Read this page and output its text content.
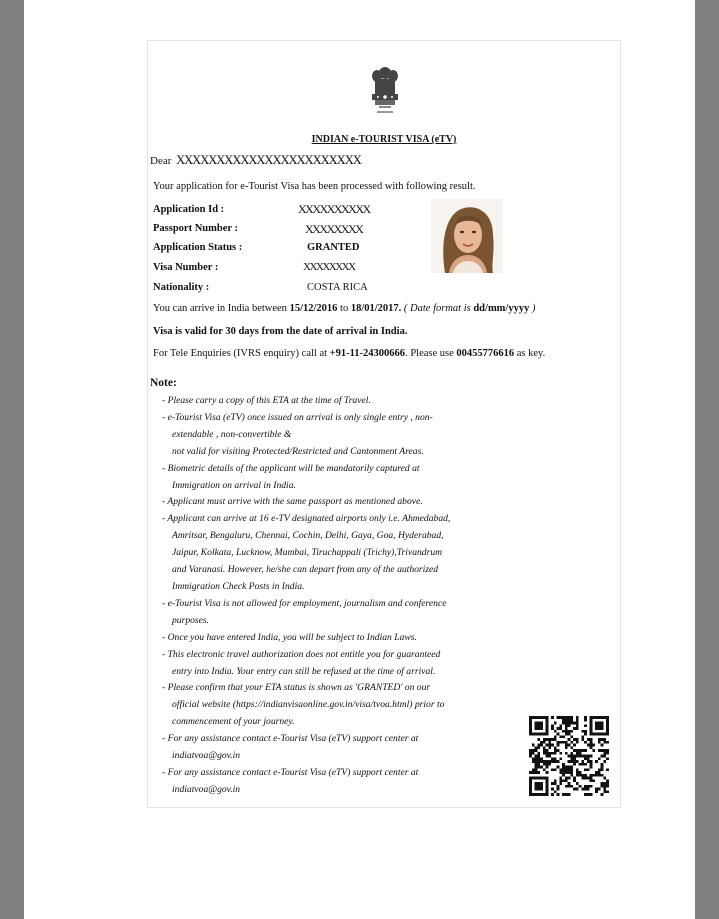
INDIAN e-TOURIST VISA (eTV)
Dear XXXXXXXXXXXXXXXXXXXXXXX
Your application for e-Tourist Visa has been processed with following result.
Application Id :	XXXXXXXXXX
Passport Number :	XXXXXXXX
Application Status :	GRANTED
Visa Number :	XXXXXXXX
Nationality :	COSTA RICA
You can arrive in India between 15/12/2016 to 18/01/2017. ( Date format is dd/mm/yyyy )
Visa is valid for 30 days from the date of arrival in India.
For Tele Enquiries (IVRS enquiry) call at +91-11-24300666. Please use 00455776616 as key.
Note:
- Please carry a copy of this ETA at the time of Travel.
- e-Tourist Visa (eTV) once issued on arrival is only single entry , non-
extendable , non-convertible &
not valid for visiting Protected/Restricted and Cantonment Areas.
- Biometric details of the applicant will be mandatorily captured at
Immigration on arrival in India.
- Applicant must arrive with the same passport as mentioned above.
- Applicant can arrive at 16 e-TV designated airports only i.e. Ahmedabad,
Amritsar, Bengaluru, Chennai, Cochin, Delhi, Gaya, Goa, Hyderabad,
Jaipur, Kolkata, Lucknow, Mumbai, Tiruchappali (Trichy),Trivandrum
and Varanasi. However, he/she can depart from any of the authorized
Immigration Check Posts in India.
- e-Tourist Visa is not allowed for employment, journalism and conference
purposes.
- Once you have entered India, you will be subject to Indian Laws.
- This electronic travel authorization does not entitle you for guaranteed
entry into India. Your entry can still be refused at the time of arrival.
- Please confirm that your ETA status is shown as 'GRANTED' on our
official website (https://indianvisaonline.gov.in/visa/tvoa.html) prior to
commencement of your journey.
- For any assistance contact e-Tourist Visa (eTV) support center at
indiatvoa@gov.in
- For any assistance contact e-Tourist Visa (eTV) support center at
indiatvoa@gov.in
